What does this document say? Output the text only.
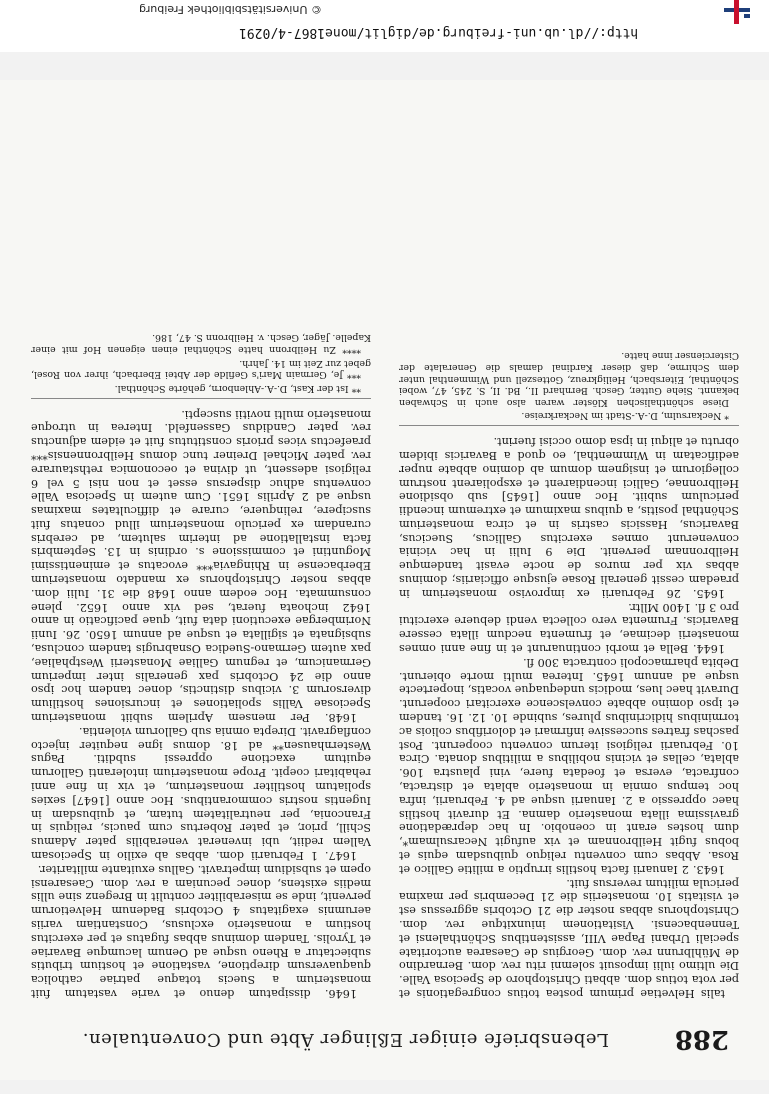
© Universitätsbibliothek Freiburg
http://dl.ub.uni-freiburg.de/diglit/mone1867-4/0291
288
Lebensbriefe einiger Eßlinger Äbte und Conventualen.

talis Helvetiae primum postea totius congregationis et per vota totius dom. abbati Christophoro de Speciosa Valle. Die ultimo iulii imposuit solemni ritu rev. dom. Bernardino de Mühlbrunn rev. dom. Georgius de Caesarea auctoritate speciali Urbani Papae VIII, assistentibus Schönthalensi et Tennenbacensi. Visitationem iniunxitque rev. dom. Christophorus abbas noster die 21 Octobris aggressus est et visitatis 10. monasteriis die 21 Decembris per maxima pericula militum reversus fuit.

1643. 2 Ianuarii facta hostilis irruptio a militie Gallico et Rosa. Abbas cum conventu reliquo quibusdam equis et bobus fugit Heilbronnam et vix aufugit Necarsulmam*, dum hostes erant in coenobio. In hac deprædatione gravissima illata monasterio damna. Et duravit hostilis haec oppressio a 2. Ianuarii usque ad 4. Februarii, infra hoc tempus omnia in monasterio ablata et distracta, confracta, eversa et foedata fuere, vini plaustra 106. ablata, cellas et vicinis nobilibus a militibus donata. Circa 10. Februarii religiosi iterum conventu cooperunt. Post paschas fratres successive infirmari et dolorifibus coliois ac torminibus hidicrinibus plures, subinde 10. 12. 16. tandem et ipso domino abbate convelscence exercitari cooperunt. Duravit haec lues, modicis undequaque vocatis, inopertecte usque ad annum 1645. Interea multi morte obierunt. Debita pharmacopoli contracta 300 fl.

1644. Bella et morbi continuarunt et in fine anni omnes monasterii decimae, et frumenta necdum illata cessere Bavaricis. Frumenta vero collecta vendi debuere exercitui pro 3 fl. 1400 Mlltr.

1645. 26 Februarii ex improviso monasterium in praedam cessit generali Rosae ejusque officiariis; dominus abbas vix per muros de nocte evasit tandemque Heilbronnam pervenit. Die 9 Iulii in hac vicinia convenerunt omnes exercitus Gallicus, Suecicus, Bavaricus, Hassicis castris in et circa monasterium Schönthal positis, a quibus maximum et extremum incendii periculum subiit. Hoc anno [1645] sub obsidione Heilbronnae, Gallici incendiarent et exspoliarent nostrum collegiorum et insignem domum ab domino abbate nuper aedificatam in Wimmenthal, eo quod a Bavaricis ibidem obrutu et aliqui in ipsa domo occisi fuerint.

* Neckarsulm, D.-A.-Stadt im Neckarkreise.

Diese schönthalischen Klöster waren also auch in Schwaben bekannt. Siehe Gutter, Gesch. Bernhard II., Bd. II, S. 245, 47, wobei Schönthal, Eitersbach, Heiligkreuz, Gotteszell und Wimmenthal unter dem Schirme, daß dieser Kardinal damals die Generalate der Cistercienser inne hatte.

1646. dissipatum denuo et varie vastatum fuit monasterium a Suecis totaque patriae catholica quaquaversum direptione, vastatione et hostium tributis subiectatur a Rheno usque ad Oenum lacumque Bavariae et Tyrolis. Tandem dominus abbas fugatus et per exercitus hostium a monasterio exclusus, Constantiam variis aerumnis exagitatus 4 Octobris Badenum Helvetiorum pervenit, inde se miserabiliter contulit in Bregenz sine ullis mediis existens, donec pecuniam a rev. dom. Caesarensi opem et subsidium impetravit. Gallus exuitante militariter.

1647. 1 Februarii dom. abbas ab exilio in Speciosam Vallem rediit, ubi invenerat venerabilis pater Adamus Schill, prior, et pater Robertus cum paucis, reliquis in Franconia, per neutralitatem tutam, et quibusdam in Iugentis nostris commorantibus. Hoc anno [1647] sexies spoliatum hostiliter monasterium, et vix in fine anni rehabitari coepit. Prope monasterium intoleranti Gallorum equitum exactione oppressi subditi. Pagus Westernhausen** ad 18. domus igne nequiter injecto conflagravit. Direpta omnia sub Gallorum violentia.

1648. Per mensem Aprilem subiit monasterium Speciosae Vallis spoliationes et incursiones hostilium diversorum 3. vicibus distinctis, donec tandem hoc ipso anno die 24 Octobris pax generalis inter imperium Germanicum, et regnum Galliae Monasterii Westphaliae, pax autem Germano-Suedica Osnabrugis tandem conclusa, subsignata et sigillata et usque ad annum 1650. 26. Iunii Norimbergae executioni data fuit, quae pacificatio in anno 1642 inchoata fuerat, sed vix anno 1652. plene consummata. Hoc eodem anno 1648 die 31. Iulii dom. abbas noster Christophorus ex mandato monasterium Eberbacense in Rhingavia*** evocatus et eminentissimi Moguntini et commissione s. ordinis in 13. Septembris facta installatione ad interim salutem, ad cerebris curandam ex periculo monasterium illud conatus fuit suscipere, relinquere, curare et difficultates maximas usque ad 2 Aprilis 1651. Cum autem in Speciosa Valle conventus adhuc dispersus esset et non nisi 5 vel 6 religiosi adessent, ut divina et oeconomica rethstaurare rev. pater Michael Dreiner tunc domus Heilbronnensis*** praefectus vices prioris constitutus fuit et eidem adjunctus rev. pater Candidus Gassenfeld. Interea in utroque monasterio multi novitii suscepti.

** Ist der Kast, D.-A.-Ahlenborn, gehörte Schönthal.

*** Je, Germain Mari's Gefilde der Abtei Eberbach, ihrer von Rosel, gebet zur Zeit im 14. Jahrh.

**** Zu Heilbronn hatte Schönthal einen eigenen Hof mit einer Kapelle. Jäger, Gesch. v. Heilbronn S. 47, 186.
